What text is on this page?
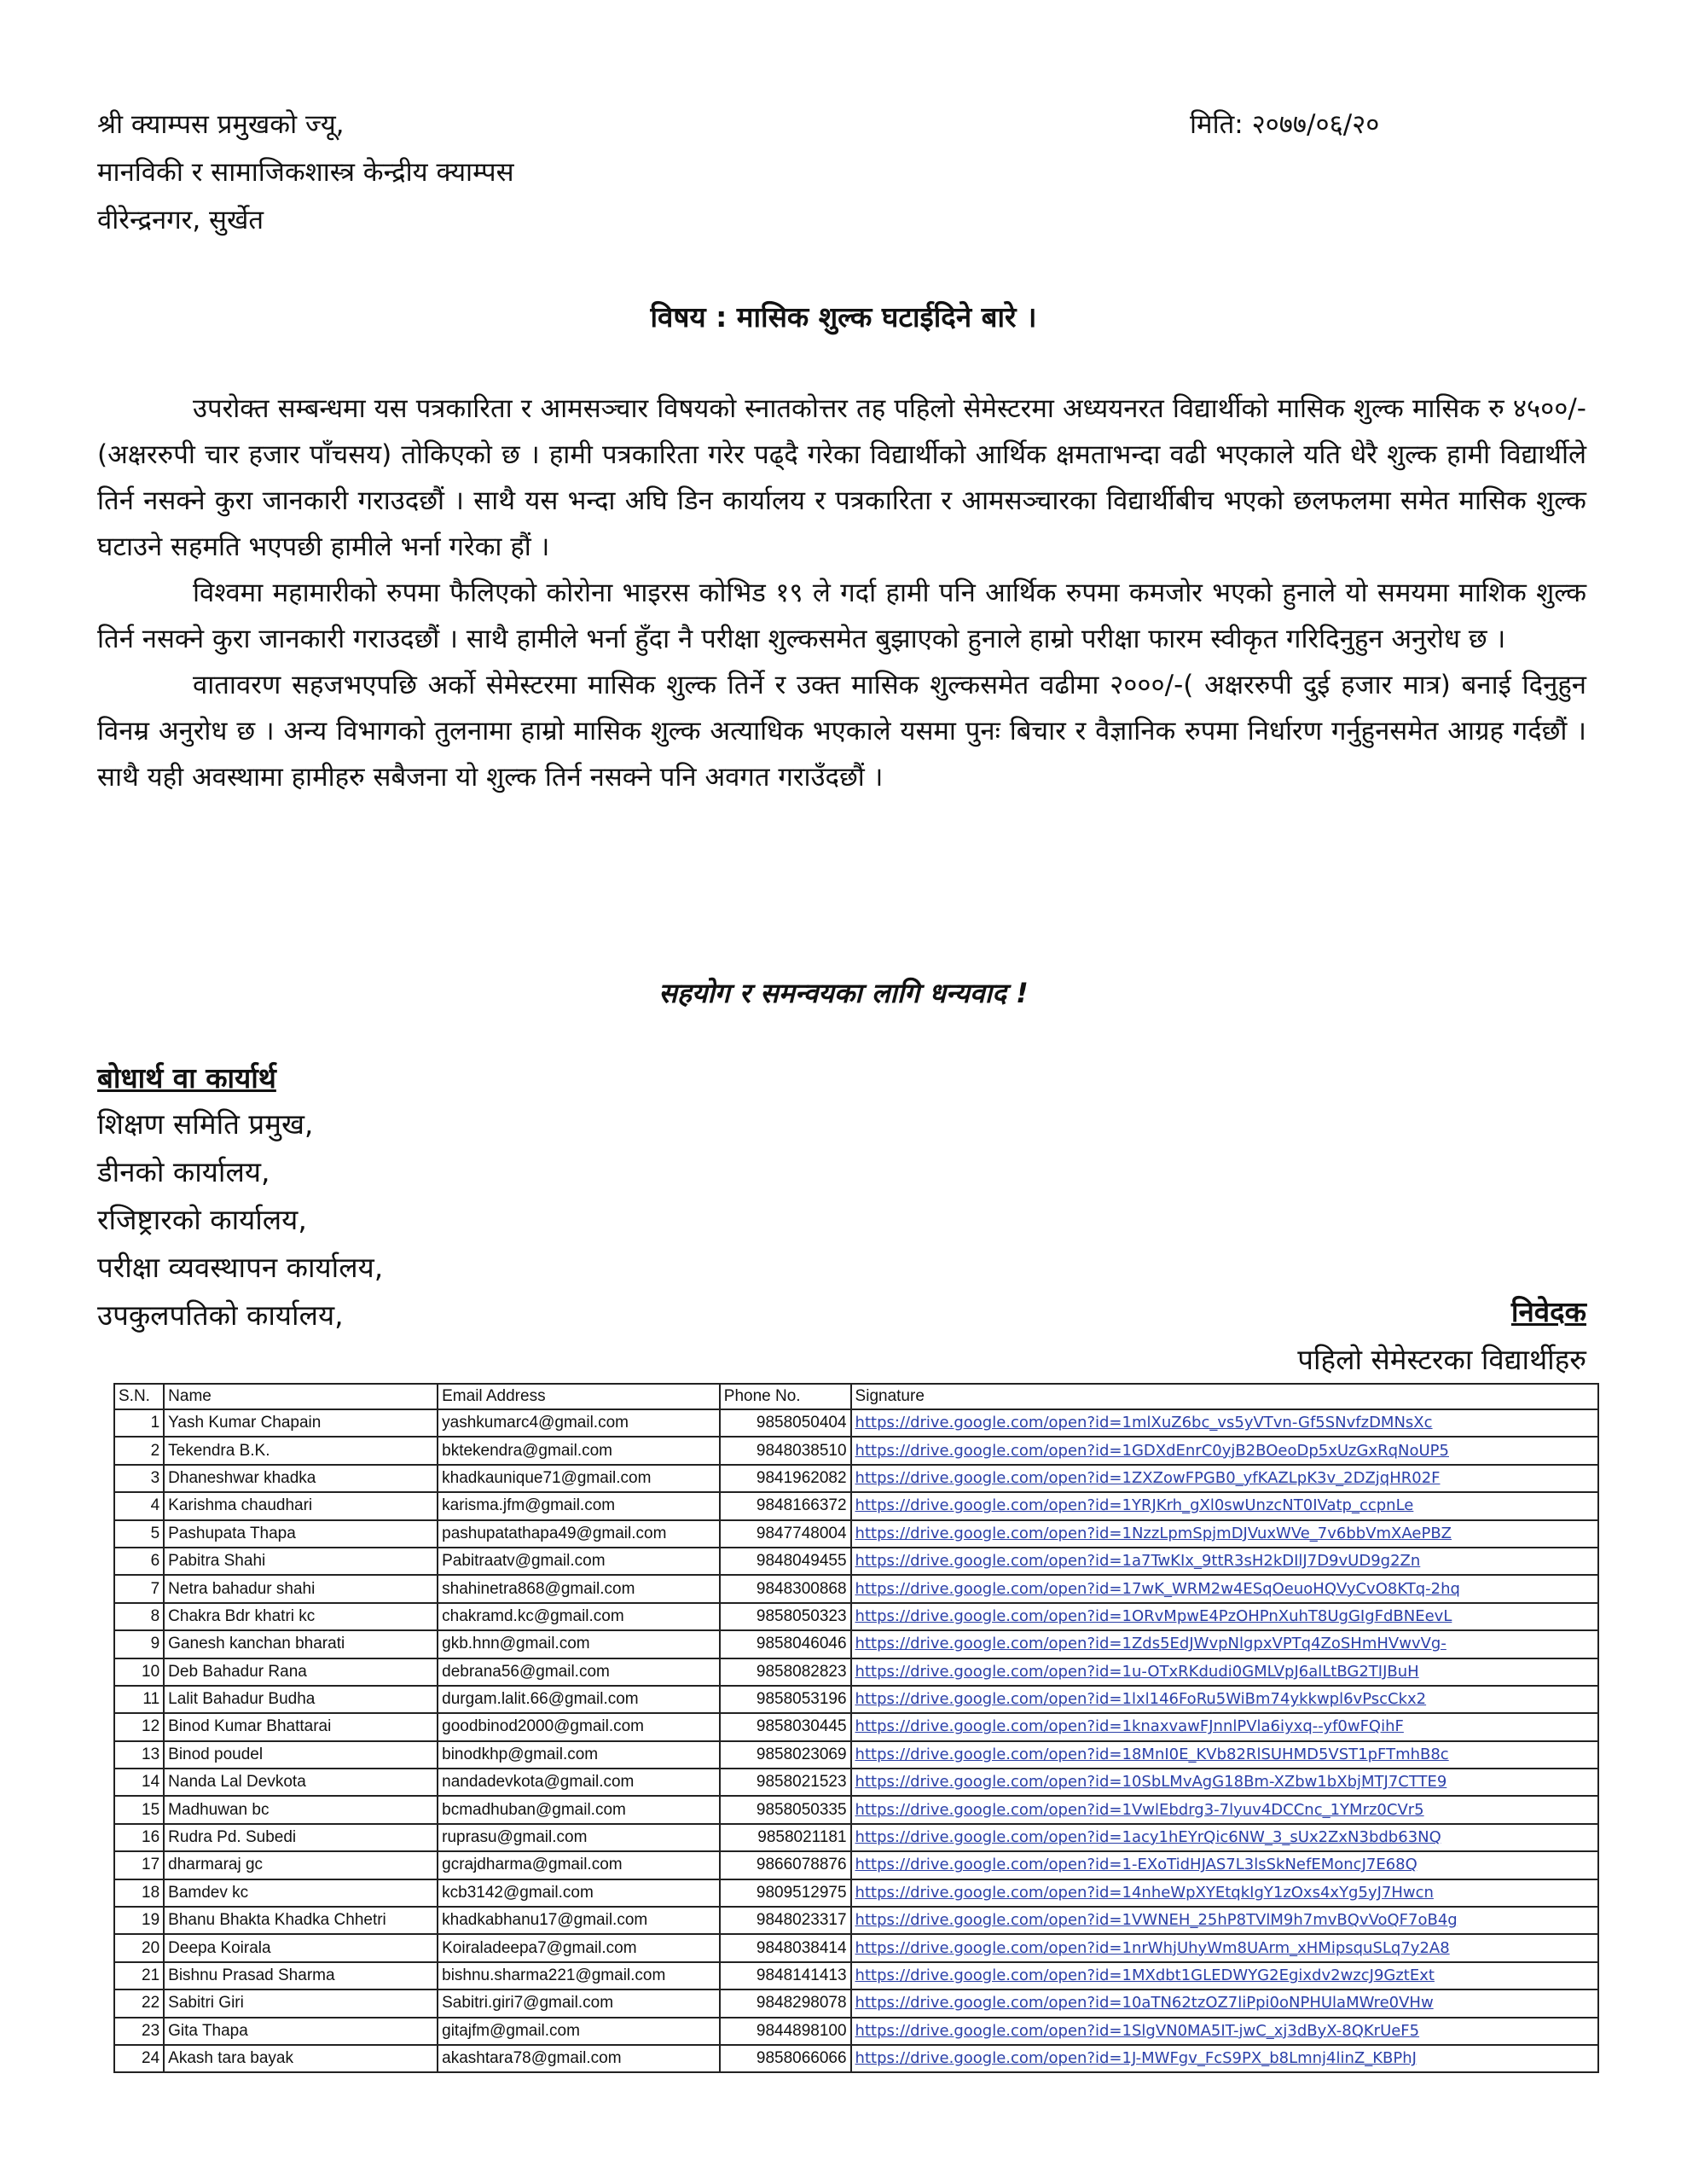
श्री क्याम्पस प्रमुखको ज्यू,
मानविकी र सामाजिकशास्त्र केन्द्रीय क्याम्पस
वीरेन्द्रनगर, सुर्खेत
मिति: २०७७/०६/२०
विषय : मासिक शुल्क घटाईदिने बारे ।

उपरोक्त सम्बन्धमा यस पत्रकारिता र आमसञ्चार विषयको स्नातकोत्तर तह पहिलो सेमेस्टरमा अध्ययनरत विद्यार्थीको मासिक शुल्क मासिक रु ४५००/- (अक्षररुपी चार हजार पाँचसय) तोकिएको छ । हामी पत्रकारिता गरेर पढ्दै गरेका विद्यार्थीको आर्थिक क्षमताभन्दा वढी भएकाले यति धेरै शुल्क हामी विद्यार्थीले तिर्न नसक्ने कुरा जानकारी गराउदछौं । साथै यस भन्दा अघि डिन कार्यालय र पत्रकारिता र आमसञ्चारका विद्यार्थीबीच भएको छलफलमा समेत मासिक शुल्क घटाउने सहमति भएपछी हामीले भर्ना गरेका हौं ।

विश्वमा महामारीको रुपमा फैलिएको कोरोना भाइरस कोभिड १९ ले गर्दा हामी पनि आर्थिक रुपमा कमजोर भएको हुनाले यो समयमा माशिक शुल्क तिर्न नसक्ने कुरा जानकारी गराउदछौं । साथै हामीले भर्ना हुँदा नै परीक्षा शुल्कसमेत बुझाएको हुनाले हाम्रो परीक्षा फारम स्वीकृत गरिदिनुहुन अनुरोध छ ।

वातावरण सहजभएपछि अर्को सेमेस्टरमा मासिक शुल्क तिर्ने र उक्त मासिक शुल्कसमेत वढीमा २०००/-( अक्षररुपी दुई हजार मात्र) बनाई दिनुहुन विनम्र अनुरोध छ । अन्य विभागको तुलनामा हाम्रो मासिक शुल्क अत्याधिक भएकाले यसमा पुनः बिचार र वैज्ञानिक रुपमा निर्धारण गर्नुहुनसमेत आग्रह गर्दछौं । साथै यही अवस्थामा हामीहरु सबैजना यो शुल्क तिर्न नसक्ने पनि अवगत गराउँदछौं ।

सहयोग र समन्वयका लागि धन्यवाद !
बोधार्थ वा कार्यार्थ
शिक्षण समिति प्रमुख,
डीनको कार्यालय,
रजिष्ट्रारको कार्यालय,
परीक्षा व्यवस्थापन कार्यालय,
उपकुलपतिको कार्यालय,	निवेदक
पहिलो सेमेस्टरका विद्यार्थीहरु
S.N.	Name	Email Address	Phone No.	Signature
1	Yash Kumar Chapain	yashkumarc4@gmail.com	9858050404	https://drive.google.com/open?id=1mlXuZ6bc_vs5yVTvn-Gf5SNvfzDMNsXc
2	Tekendra B.K.	bktekendra@gmail.com	9848038510	https://drive.google.com/open?id=1GDXdEnrC0yjB2BOeoDp5xUzGxRqNoUP5
3	Dhaneshwar khadka	khadkaunique71@gmail.com	9841962082	https://drive.google.com/open?id=1ZXZowFPGB0_yfKAZLpK3v_2DZjqHR02F
4	Karishma chaudhari	karisma.jfm@gmail.com	9848166372	https://drive.google.com/open?id=1YRJKrh_gXl0swUnzcNT0IVatp_ccpnLe
5	Pashupata Thapa	pashupatathapa49@gmail.com	9847748004	https://drive.google.com/open?id=1NzzLpmSpjmDJVuxWVe_7v6bbVmXAePBZ
6	Pabitra Shahi	Pabitraatv@gmail.com	9848049455	https://drive.google.com/open?id=1a7TwKIx_9ttR3sH2kDIlJ7D9vUD9g2Zn
7	Netra bahadur shahi	shahinetra868@gmail.com	9848300868	https://drive.google.com/open?id=17wK_WRM2w4ESqOeuoHQVyCvO8KTq-2hq
8	Chakra Bdr khatri kc	chakramd.kc@gmail.com	9858050323	https://drive.google.com/open?id=1ORvMpwE4PzOHPnXuhT8UgGIgFdBNEevL
9	Ganesh kanchan bharati	gkb.hnn@gmail.com	9858046046	https://drive.google.com/open?id=1Zds5EdJWvpNlgpxVPTq4ZoSHmHVwvVg-
10	Deb Bahadur Rana	debrana56@gmail.com	9858082823	https://drive.google.com/open?id=1u-OTxRKdudi0GMLVpJ6alLtBG2TIJBuH
11	Lalit Bahadur Budha	durgam.lalit.66@gmail.com	9858053196	https://drive.google.com/open?id=1lxl146FoRu5WiBm74ykkwpl6vPscCkx2
12	Binod Kumar Bhattarai	goodbinod2000@gmail.com	9858030445	https://drive.google.com/open?id=1knaxvawFJnnlPVla6iyxq--yf0wFQihF
13	Binod poudel	binodkhp@gmail.com	9858023069	https://drive.google.com/open?id=18MnI0E_KVb82RlSUHMD5VST1pFTmhB8c
14	Nanda Lal Devkota	nandadevkota@gmail.com	9858021523	https://drive.google.com/open?id=10SbLMvAgG18Bm-XZbw1bXbjMTJ7CTTE9
15	Madhuwan bc	bcmadhuban@gmail.com	9858050335	https://drive.google.com/open?id=1VwlEbdrg3-7lyuv4DCCnc_1YMrz0CVr5
16	Rudra Pd. Subedi	ruprasu@gmail.com	9858021181	https://drive.google.com/open?id=1acy1hEYrQic6NW_3_sUx2ZxN3bdb63NQ
17	dharmaraj gc	gcrajdharma@gmail.com	9866078876	https://drive.google.com/open?id=1-EXoTidHJAS7L3lsSkNefEMoncJ7E68Q
18	Bamdev kc	kcb3142@gmail.com	9809512975	https://drive.google.com/open?id=14nheWpXYEtqkIgY1zOxs4xYg5yJ7Hwcn
19	Bhanu Bhakta Khadka Chhetri	khadkabhanu17@gmail.com	9848023317	https://drive.google.com/open?id=1VWNEH_25hP8TVlM9h7mvBQvVoQF7oB4g
20	Deepa Koirala	Koiraladeepa7@gmail.com	9848038414	https://drive.google.com/open?id=1nrWhjUhyWm8UArm_xHMipsquSLq7y2A8
21	Bishnu Prasad Sharma	bishnu.sharma221@gmail.com	9848141413	https://drive.google.com/open?id=1MXdbt1GLEDWYG2Egixdv2wzcJ9GztExt
22	Sabitri Giri	Sabitri.giri7@gmail.com	9848298078	https://drive.google.com/open?id=10aTN62tzOZ7liPpi0oNPHUlaMWre0VHw
23	Gita Thapa	gitajfm@gmail.com	9844898100	https://drive.google.com/open?id=1SlgVN0MA5IT-jwC_xj3dByX-8QKrUeF5
24	Akash tara bayak	akashtara78@gmail.com	9858066066	https://drive.google.com/open?id=1J-MWFgv_FcS9PX_b8Lmnj4linZ_KBPhJ
